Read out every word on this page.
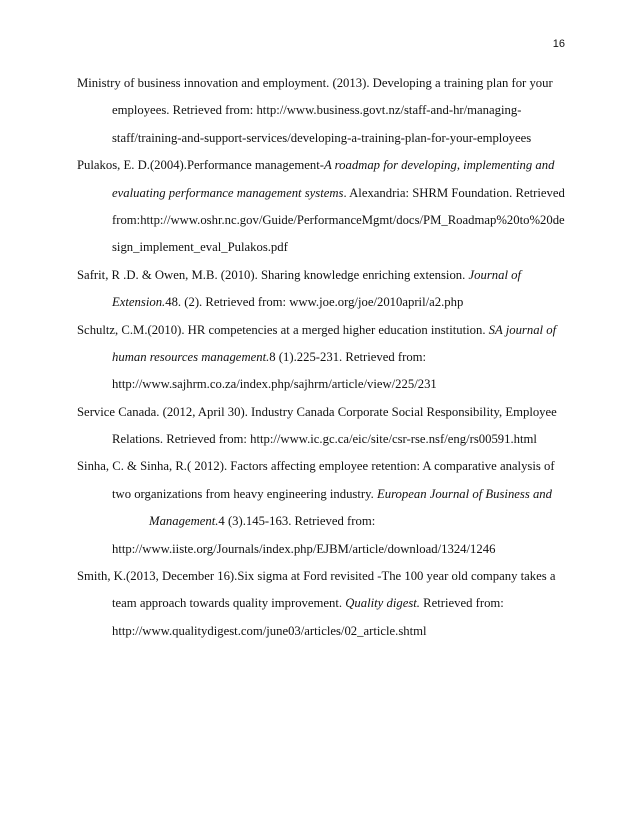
16
Ministry of business innovation and employment. (2013). Developing a training plan for your
employees. Retrieved from: http://www.business.govt.nz/staff-and-hr/managing-
staff/training-and-support-services/developing-a-training-plan-for-your-employees
Pulakos, E. D.(2004).Performance management-A roadmap for developing, implementing and
evaluating performance management systems. Alexandria: SHRM Foundation. Retrieved
from:http://www.oshr.nc.gov/Guide/PerformanceMgmt/docs/PM_Roadmap%20to%20de
sign_implement_eval_Pulakos.pdf
Safrit, R .D. & Owen, M.B. (2010). Sharing knowledge enriching extension. Journal of
Extension.48. (2). Retrieved from: www.joe.org/joe/2010april/a2.php
Schultz, C.M.(2010). HR competencies at a merged higher education institution. SA journal of
human resources management.8 (1).225-231. Retrieved from:
http://www.sajhrm.co.za/index.php/sajhrm/article/view/225/231
Service Canada. (2012, April 30). Industry Canada Corporate Social Responsibility, Employee
Relations. Retrieved from: http://www.ic.gc.ca/eic/site/csr-rse.nsf/eng/rs00591.html
Sinha, C. & Sinha, R.( 2012). Factors affecting employee retention: A comparative analysis of
two organizations from heavy engineering industry. European Journal of Business and
Management.4 (3).145-163. Retrieved from:
http://www.iiste.org/Journals/index.php/EJBM/article/download/1324/1246
Smith, K.(2013, December 16).Six sigma at Ford revisited -The 100 year old company takes a
team approach towards quality improvement. Quality digest. Retrieved from:
http://www.qualitydigest.com/june03/articles/02_article.shtml
